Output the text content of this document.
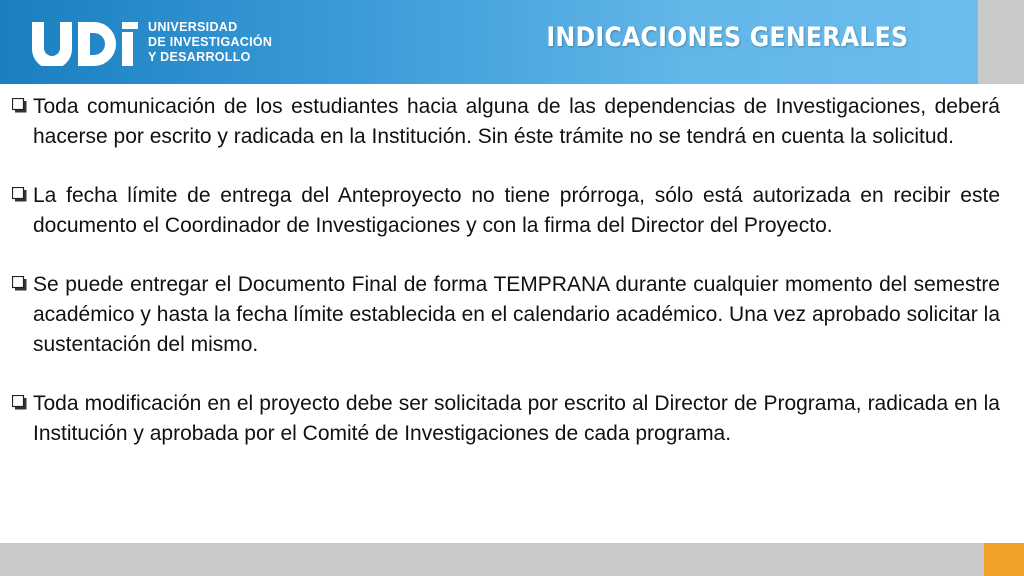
UNIVERSIDAD
DE INVESTIGACIÓN
Y DESARROLLO
INDICACIONES GENERALES
Toda comunicación de los estudiantes hacia alguna de las dependencias de Investigaciones, deberá hacerse por escrito y radicada en la Institución. Sin éste trámite no se tendrá en cuenta la solicitud.
La fecha límite de entrega del Anteproyecto no tiene prórroga, sólo está autorizada en recibir este documento el Coordinador de Investigaciones y con la firma del Director del Proyecto.
Se puede entregar el Documento Final de forma TEMPRANA durante cualquier momento del semestre académico y hasta la fecha límite establecida en el calendario académico. Una vez aprobado solicitar la sustentación del mismo.
Toda modificación en el proyecto debe ser solicitada por escrito al Director de Programa, radicada en la Institución y aprobada por el Comité de Investigaciones de cada programa.
